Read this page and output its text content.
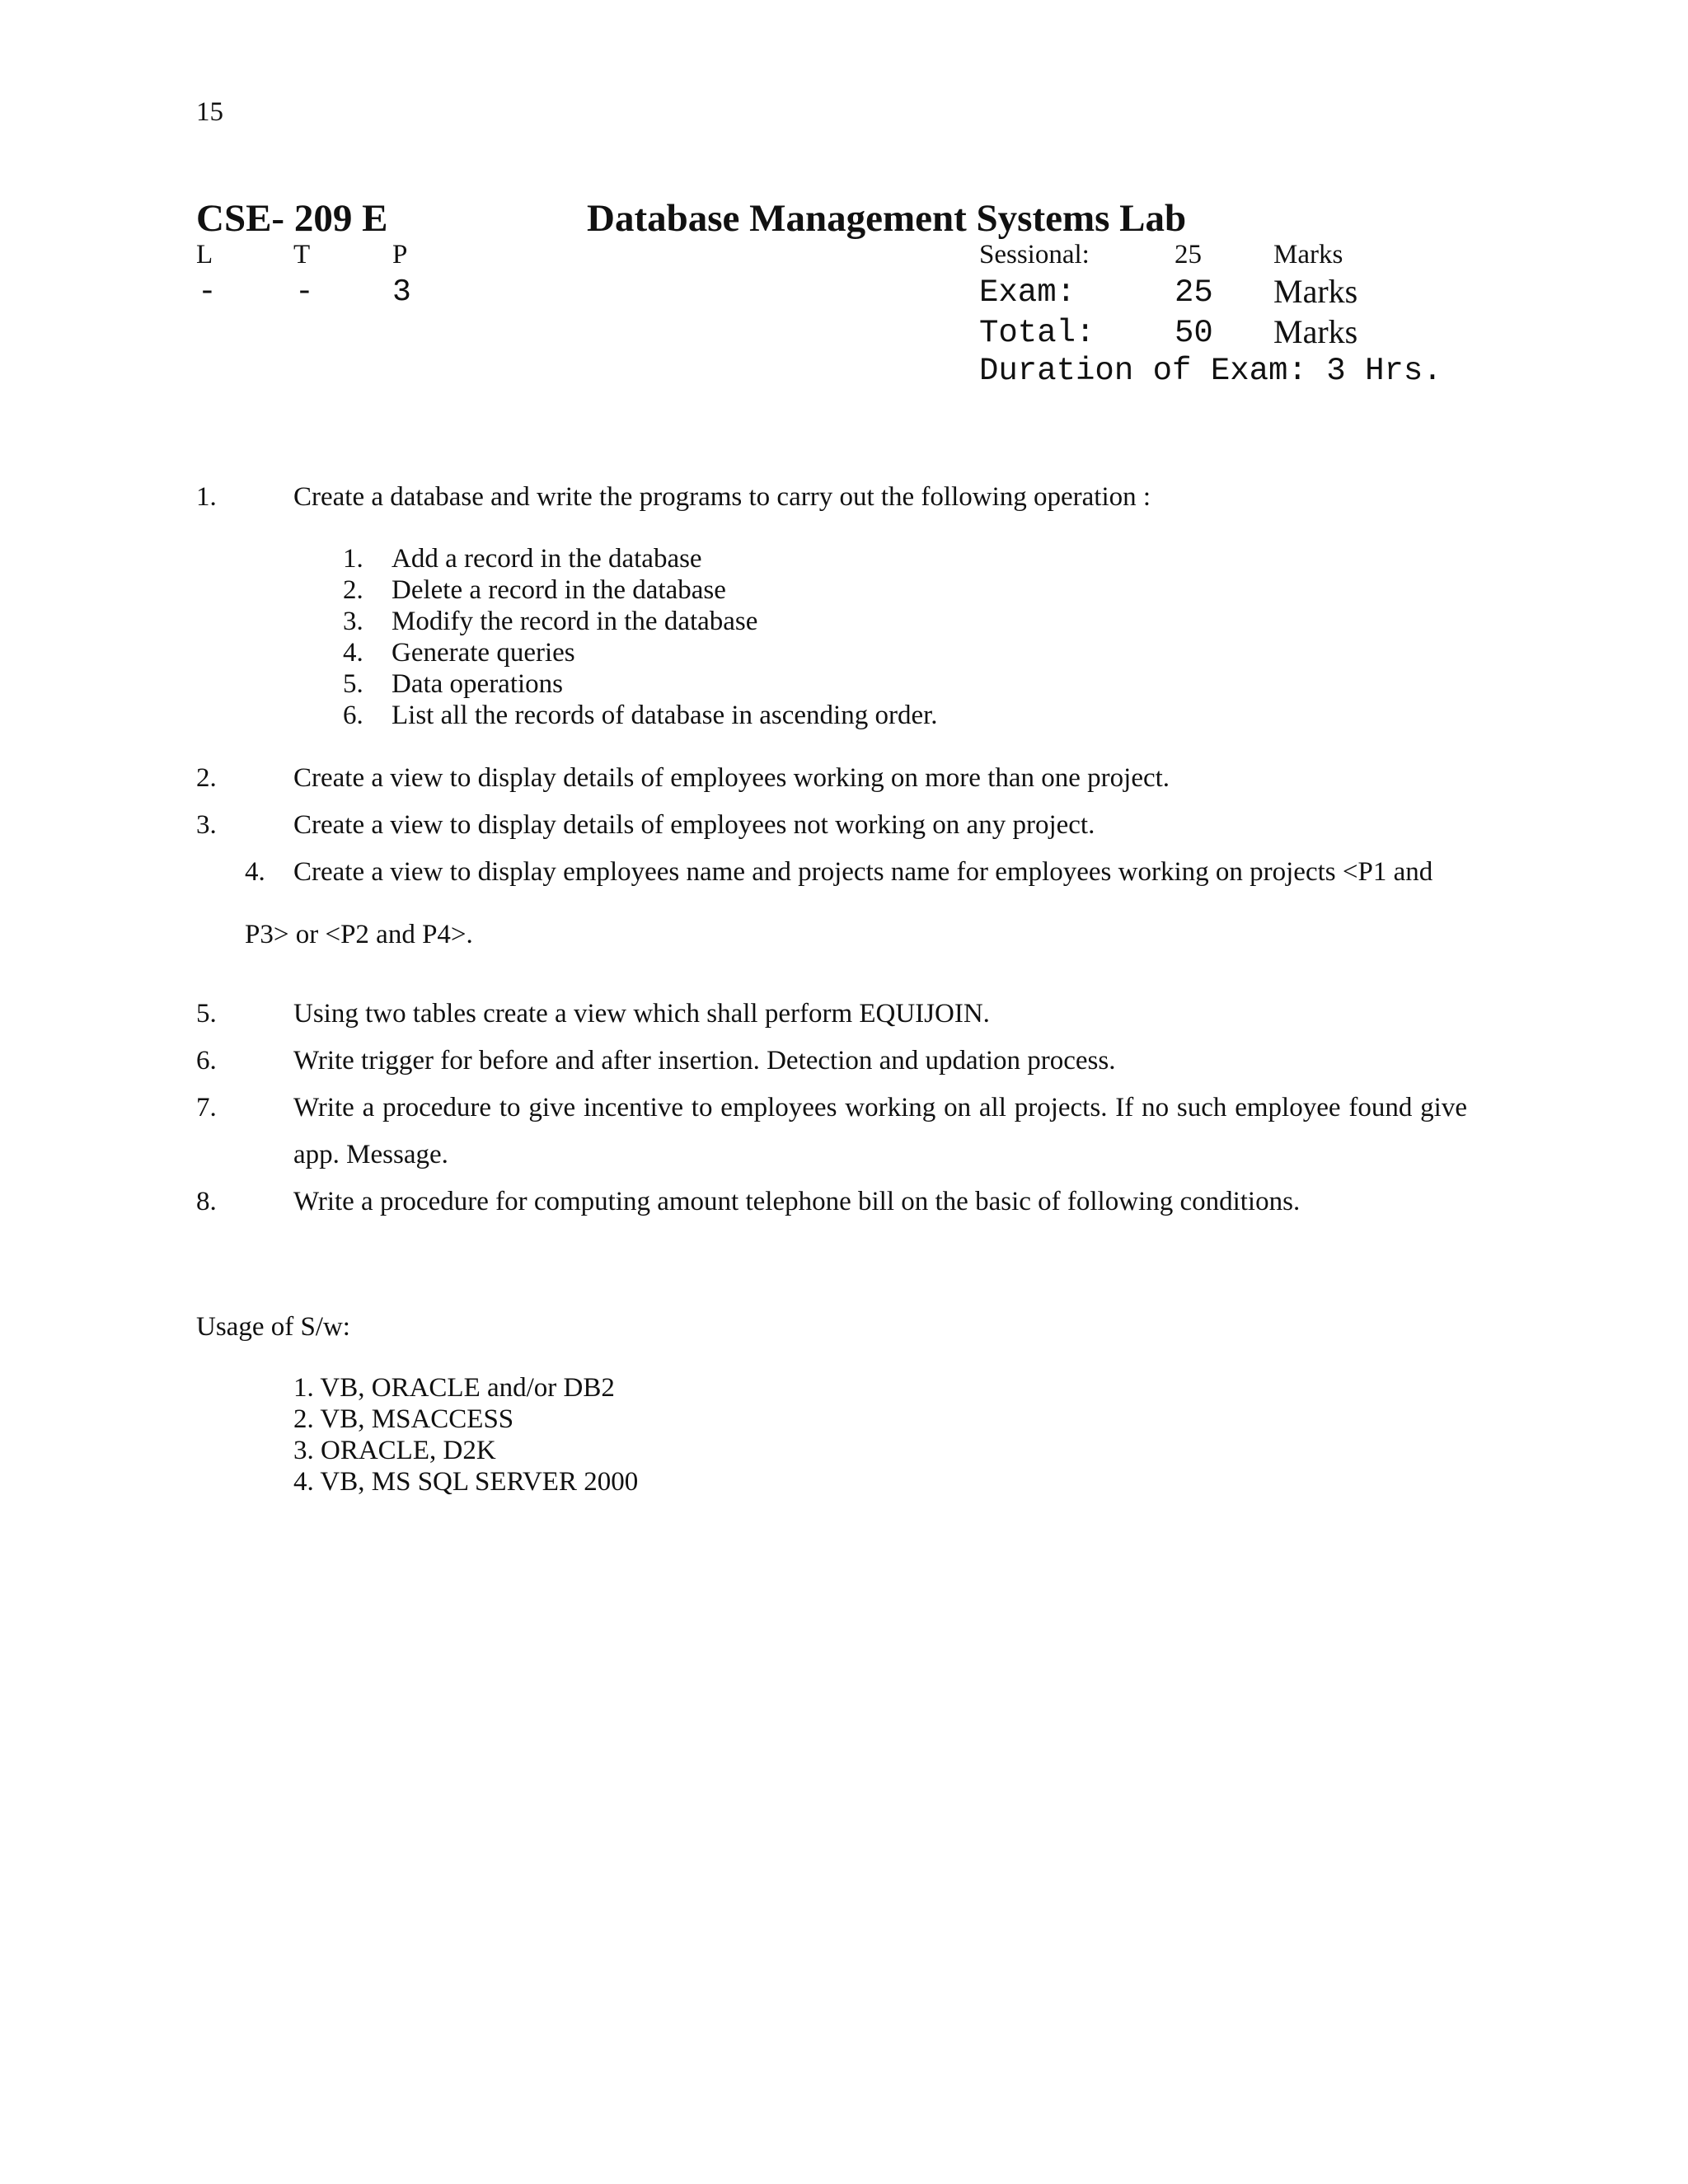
15
CSE- 209 E	Database Management Systems Lab
L	T	P
-	-	3
Sessional:	25	Marks
Exam:	25 Marks
Total: 50 Marks
Duration of Exam: 3 Hrs.
1.	Create a database and write the programs to carry out the following operation :
1. Add a record in the database
2. Delete a record in the database
3. Modify the record in the database
4. Generate queries
5. Data operations
6. List all the records of database in ascending order.
2.	Create a view to display details of employees working on more than one project.
3.	Create a view to display details of employees not working on any project.
4. Create a view to display employees name and projects name for employees working on projects <P1 and
P3> or <P2 and P4>.
5.	Using two tables create a view which shall perform EQUIJOIN.
6.	Write trigger for before and after insertion. Detection and updation process.
7.	Write a procedure to give incentive to employees working on all projects. If no such employee found give
app. Message.
8.	Write a procedure for computing amount telephone bill on the basic of following conditions.
Usage of S/w:
1. VB, ORACLE and/or DB2
2. VB, MSACCESS
3. ORACLE, D2K
4. VB, MS SQL SERVER 2000
